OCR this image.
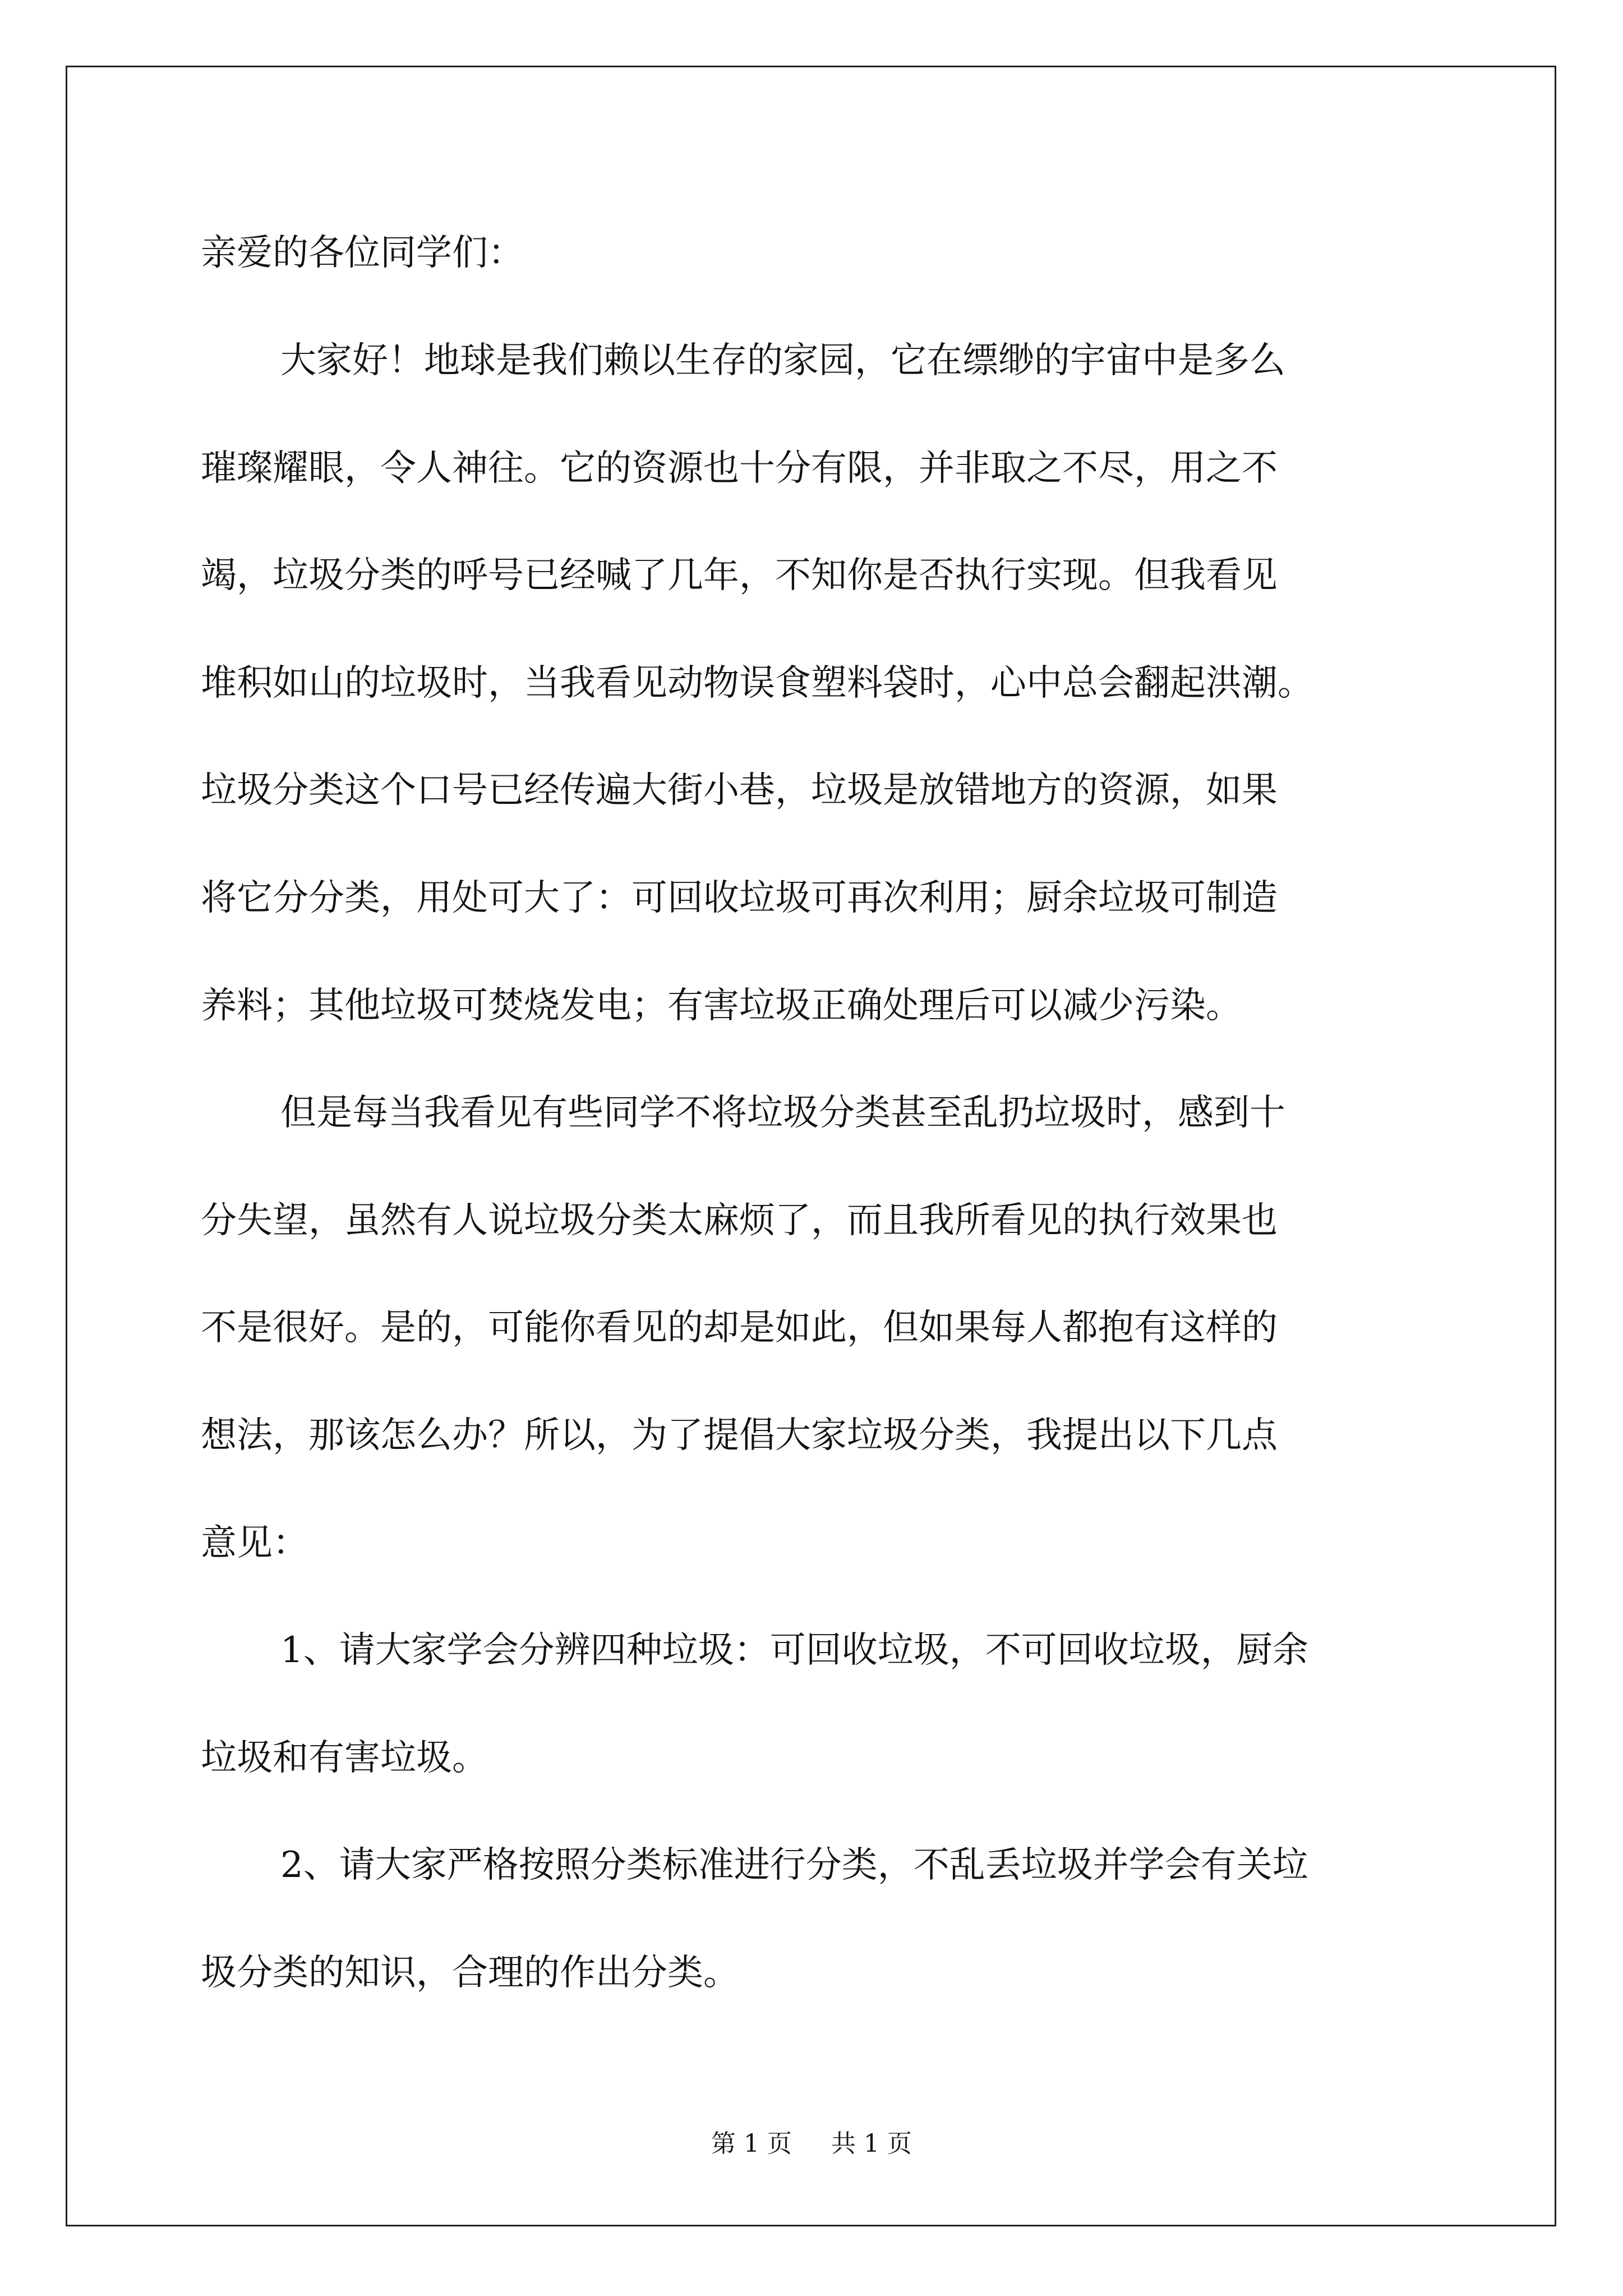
亲爱的各位同学们：
大家好！地球是我们赖以生存的家园，它在缥缈的宇宙中是多么
璀璨耀眼，令人神往。它的资源也十分有限，并非取之不尽，用之不
竭，垃圾分类的呼号已经喊了几年，不知你是否执行实现。但我看见
堆积如山的垃圾时，当我看见动物误食塑料袋时，心中总会翻起洪潮。
垃圾分类这个口号已经传遍大街小巷，垃圾是放错地方的资源，如果
将它分分类，用处可大了：可回收垃圾可再次利用；厨余垃圾可制造
养料；其他垃圾可焚烧发电；有害垃圾正确处理后可以减少污染。
但是每当我看见有些同学不将垃圾分类甚至乱扔垃圾时，感到十
分失望，虽然有人说垃圾分类太麻烦了，而且我所看见的执行效果也
不是很好。是的，可能你看见的却是如此，但如果每人都抱有这样的
想法，那该怎么办？所以，为了提倡大家垃圾分类，我提出以下几点
意见：
1、请大家学会分辨四种垃圾：可回收垃圾，不可回收垃圾，厨余
垃圾和有害垃圾。
2、请大家严格按照分类标准进行分类，不乱丢垃圾并学会有关垃
圾分类的知识，合理的作出分类。
第 1 页 共 1 页
